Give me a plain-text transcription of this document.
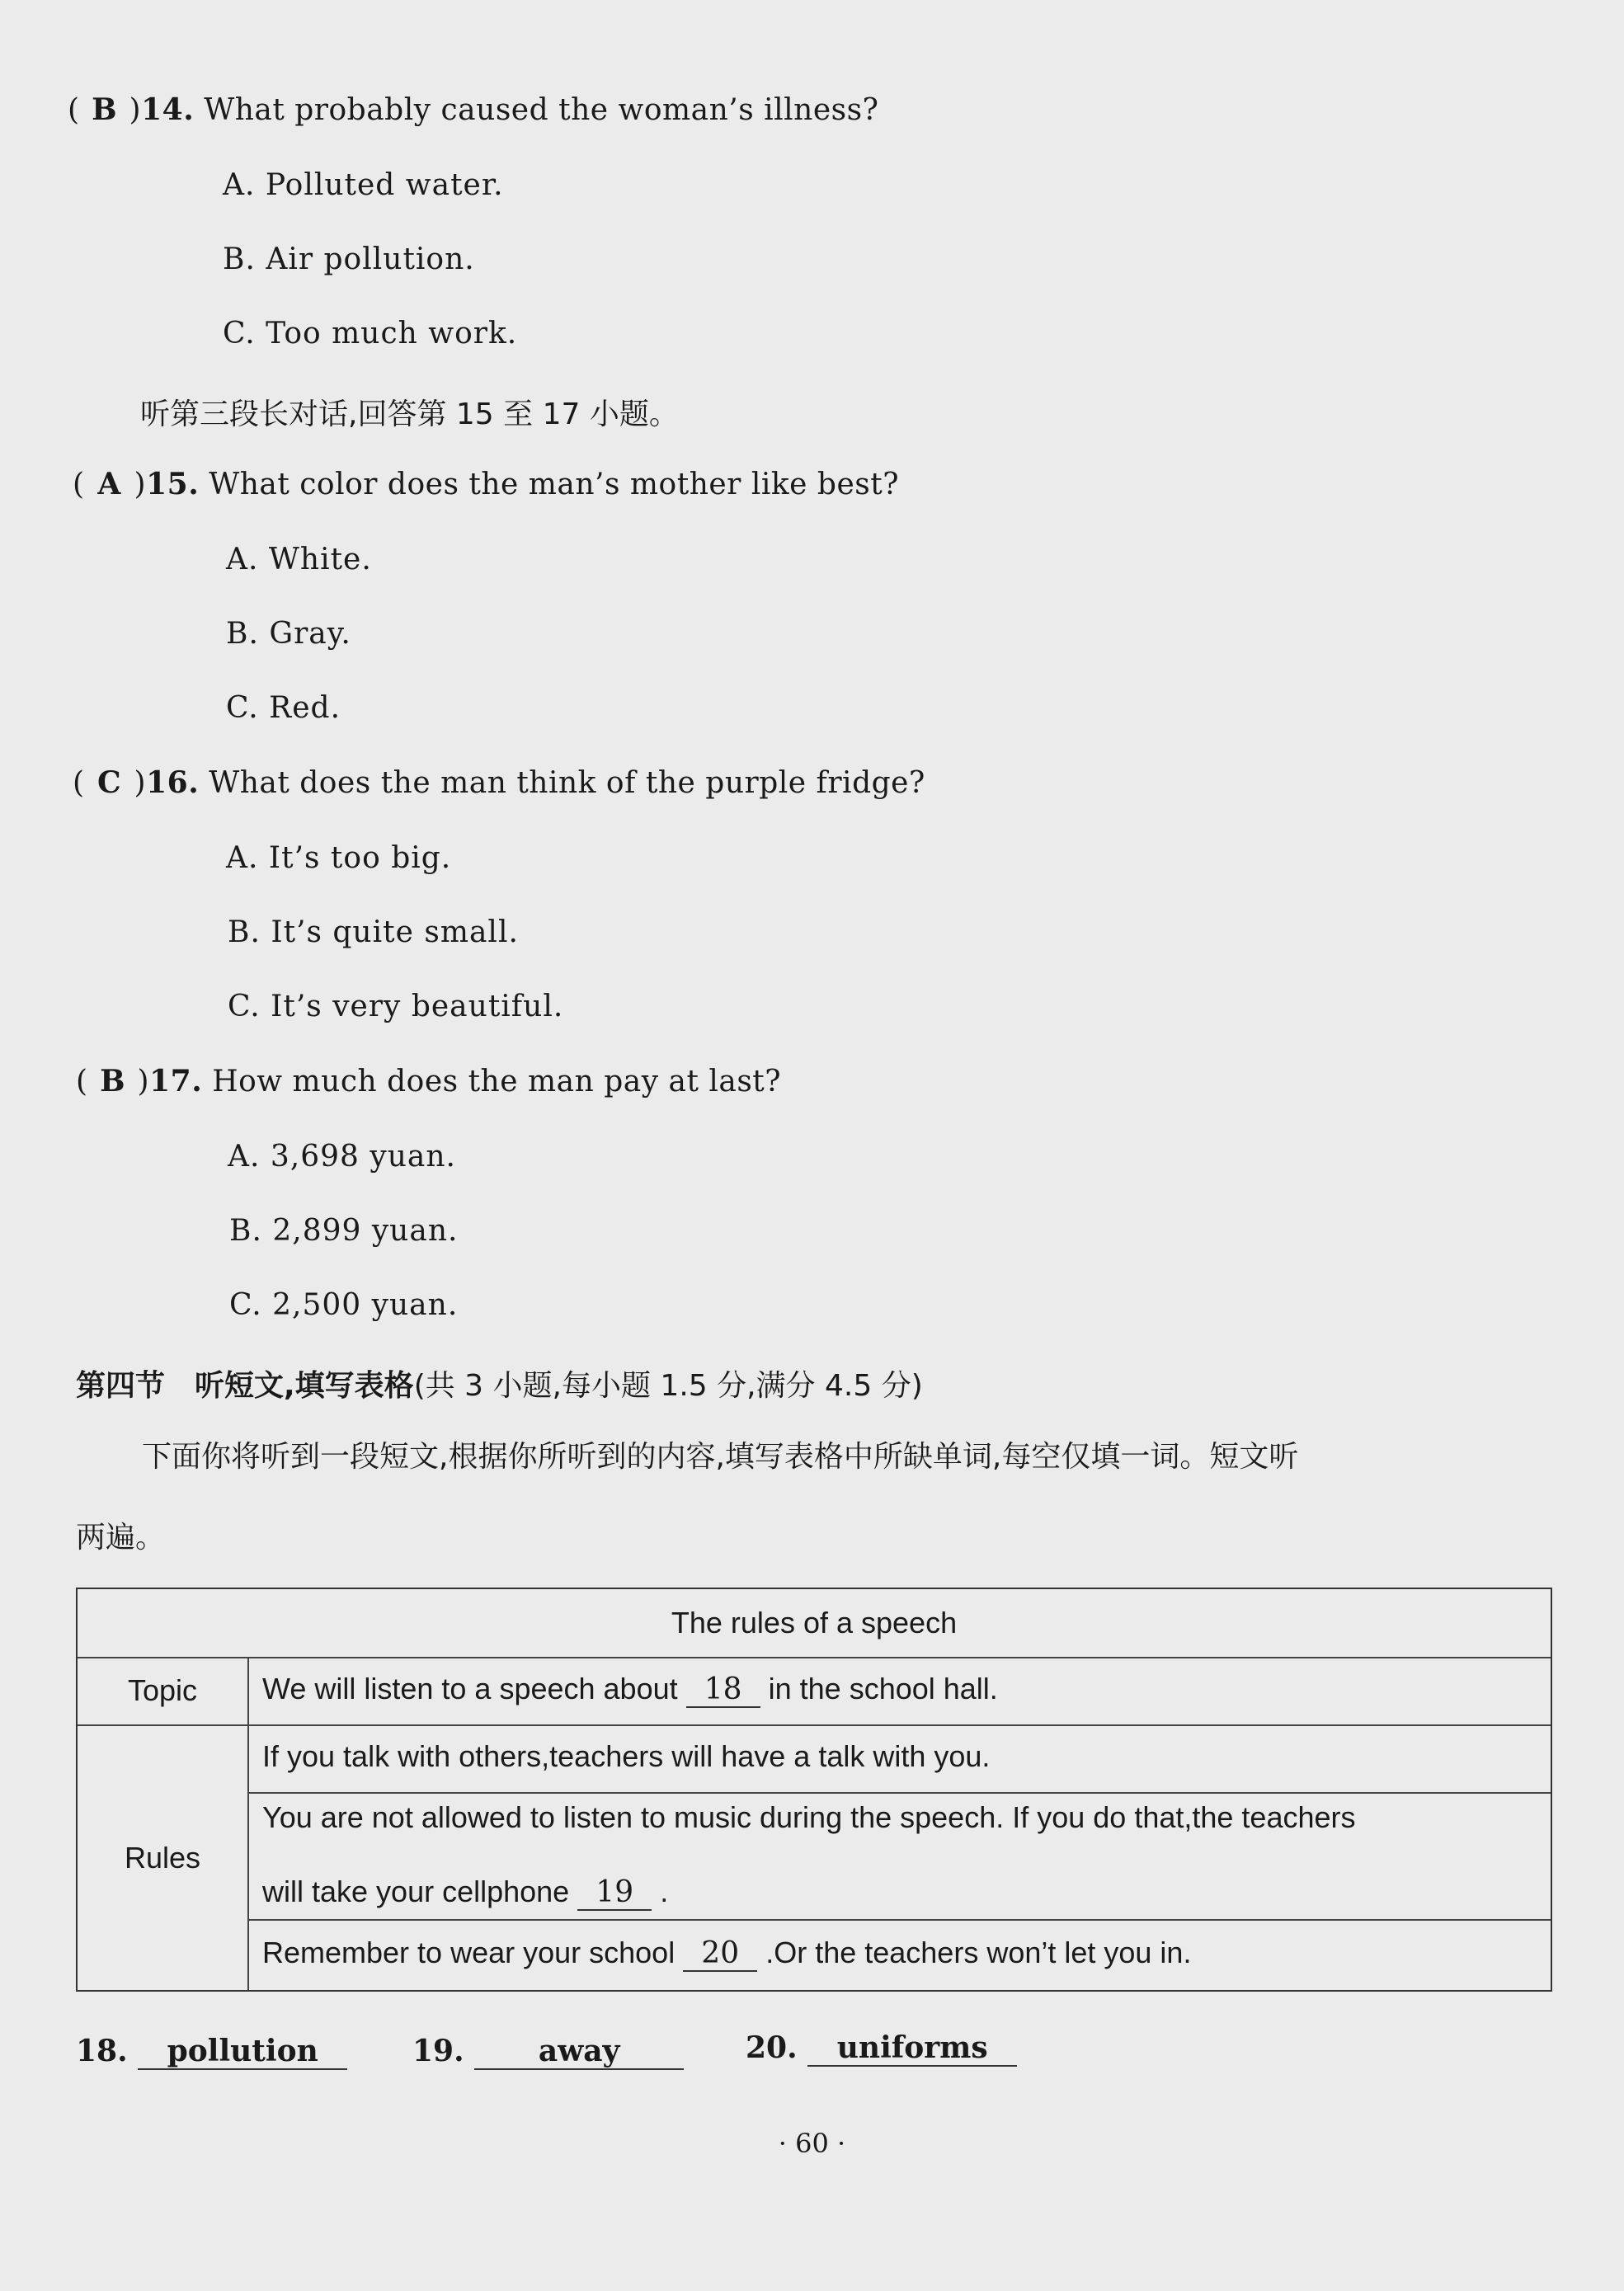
( B )14. What probably caused the woman’s illness?
A. Polluted water.
B. Air pollution.
C. Too much work.
听第三段长对话,回答第 15 至 17 小题。
( A )15. What color does the man’s mother like best?
A. White.
B. Gray.
C. Red.
( C )16. What does the man think of the purple fridge?
A. It’s too big.
B. It’s quite small.
C. It’s very beautiful.
( B )17. How much does the man pay at last?
A. 3,698 yuan.
B. 2,899 yuan.
C. 2,500 yuan.
第四节　听短文,填写表格(共 3 小题,每小题 1.5 分,满分 4.5 分)
下面你将听到一段短文,根据你所听到的内容,填写表格中所缺单词,每空仅填一词。短文听
两遍。
The rules of a speech
Topic	We will listen to a speech about 18 in the school hall.
Rules
If you talk with others,teachers will have a talk with you.
You are not allowed to listen to music during the speech. If you do that,the teachers
will take your cellphone 19 .
Remember to wear your school 20 .Or the teachers won’t let you in.
18. pollution	19.	away	20. uniforms
· 60 ·
